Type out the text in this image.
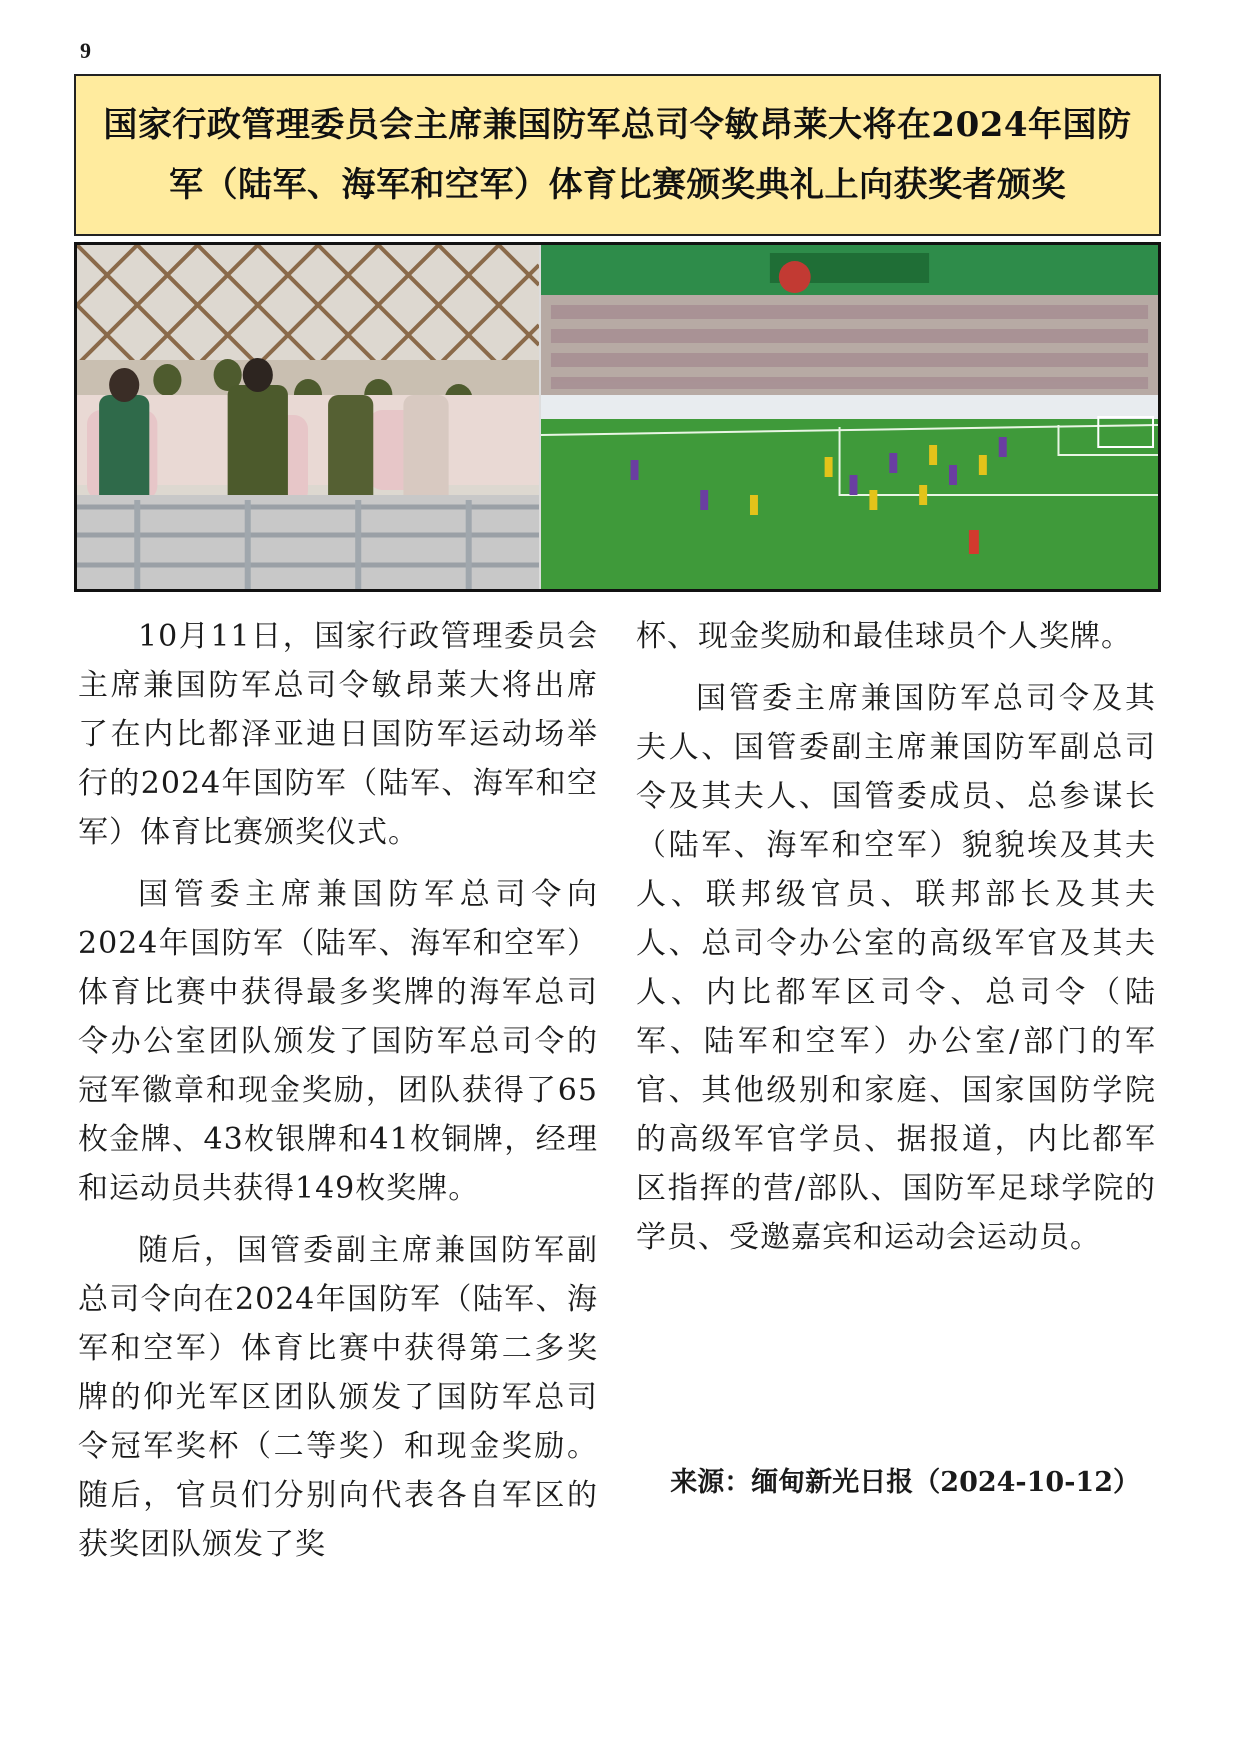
9
国家行政管理委员会主席兼国防军总司令敏昂莱大将在2024年国防军（陆军、海军和空军）体育比赛颁奖典礼上向获奖者颁奖

10月11日，国家行政管理委员会主席兼国防军总司令敏昂莱大将出席了在内比都泽亚迪日国防军运动场举行的2024年国防军（陆军、海军和空军）体育比赛颁奖仪式。

国管委主席兼国防军总司令向2024年国防军（陆军、海军和空军）体育比赛中获得最多奖牌的海军总司令办公室团队颁发了国防军总司令的冠军徽章和现金奖励，团队获得了65枚金牌、43枚银牌和41枚铜牌，经理和运动员共获得149枚奖牌。

随后，国管委副主席兼国防军副总司令向在2024年国防军（陆军、海军和空军）体育比赛中获得第二多奖牌的仰光军区团队颁发了国防军总司令冠军奖杯（二等奖）和现金奖励。随后，官员们分别向代表各自军区的获奖团队颁发了奖

杯、现金奖励和最佳球员个人奖牌。

国管委主席兼国防军总司令及其夫人、国管委副主席兼国防军副总司令及其夫人、国管委成员、总参谋长（陆军、海军和空军）貌貌埃及其夫人、联邦级官员、联邦部长及其夫人、总司令办公室的高级军官及其夫人、内比都军区司令、总司令（陆军、陆军和空军）办公室/部门的军官、其他级别和家庭、国家国防学院的高级军官学员、据报道，内比都军区指挥的营/部队、国防军足球学院的学员、受邀嘉宾和运动会运动员。

来源：缅甸新光日报（2024-10-12）
